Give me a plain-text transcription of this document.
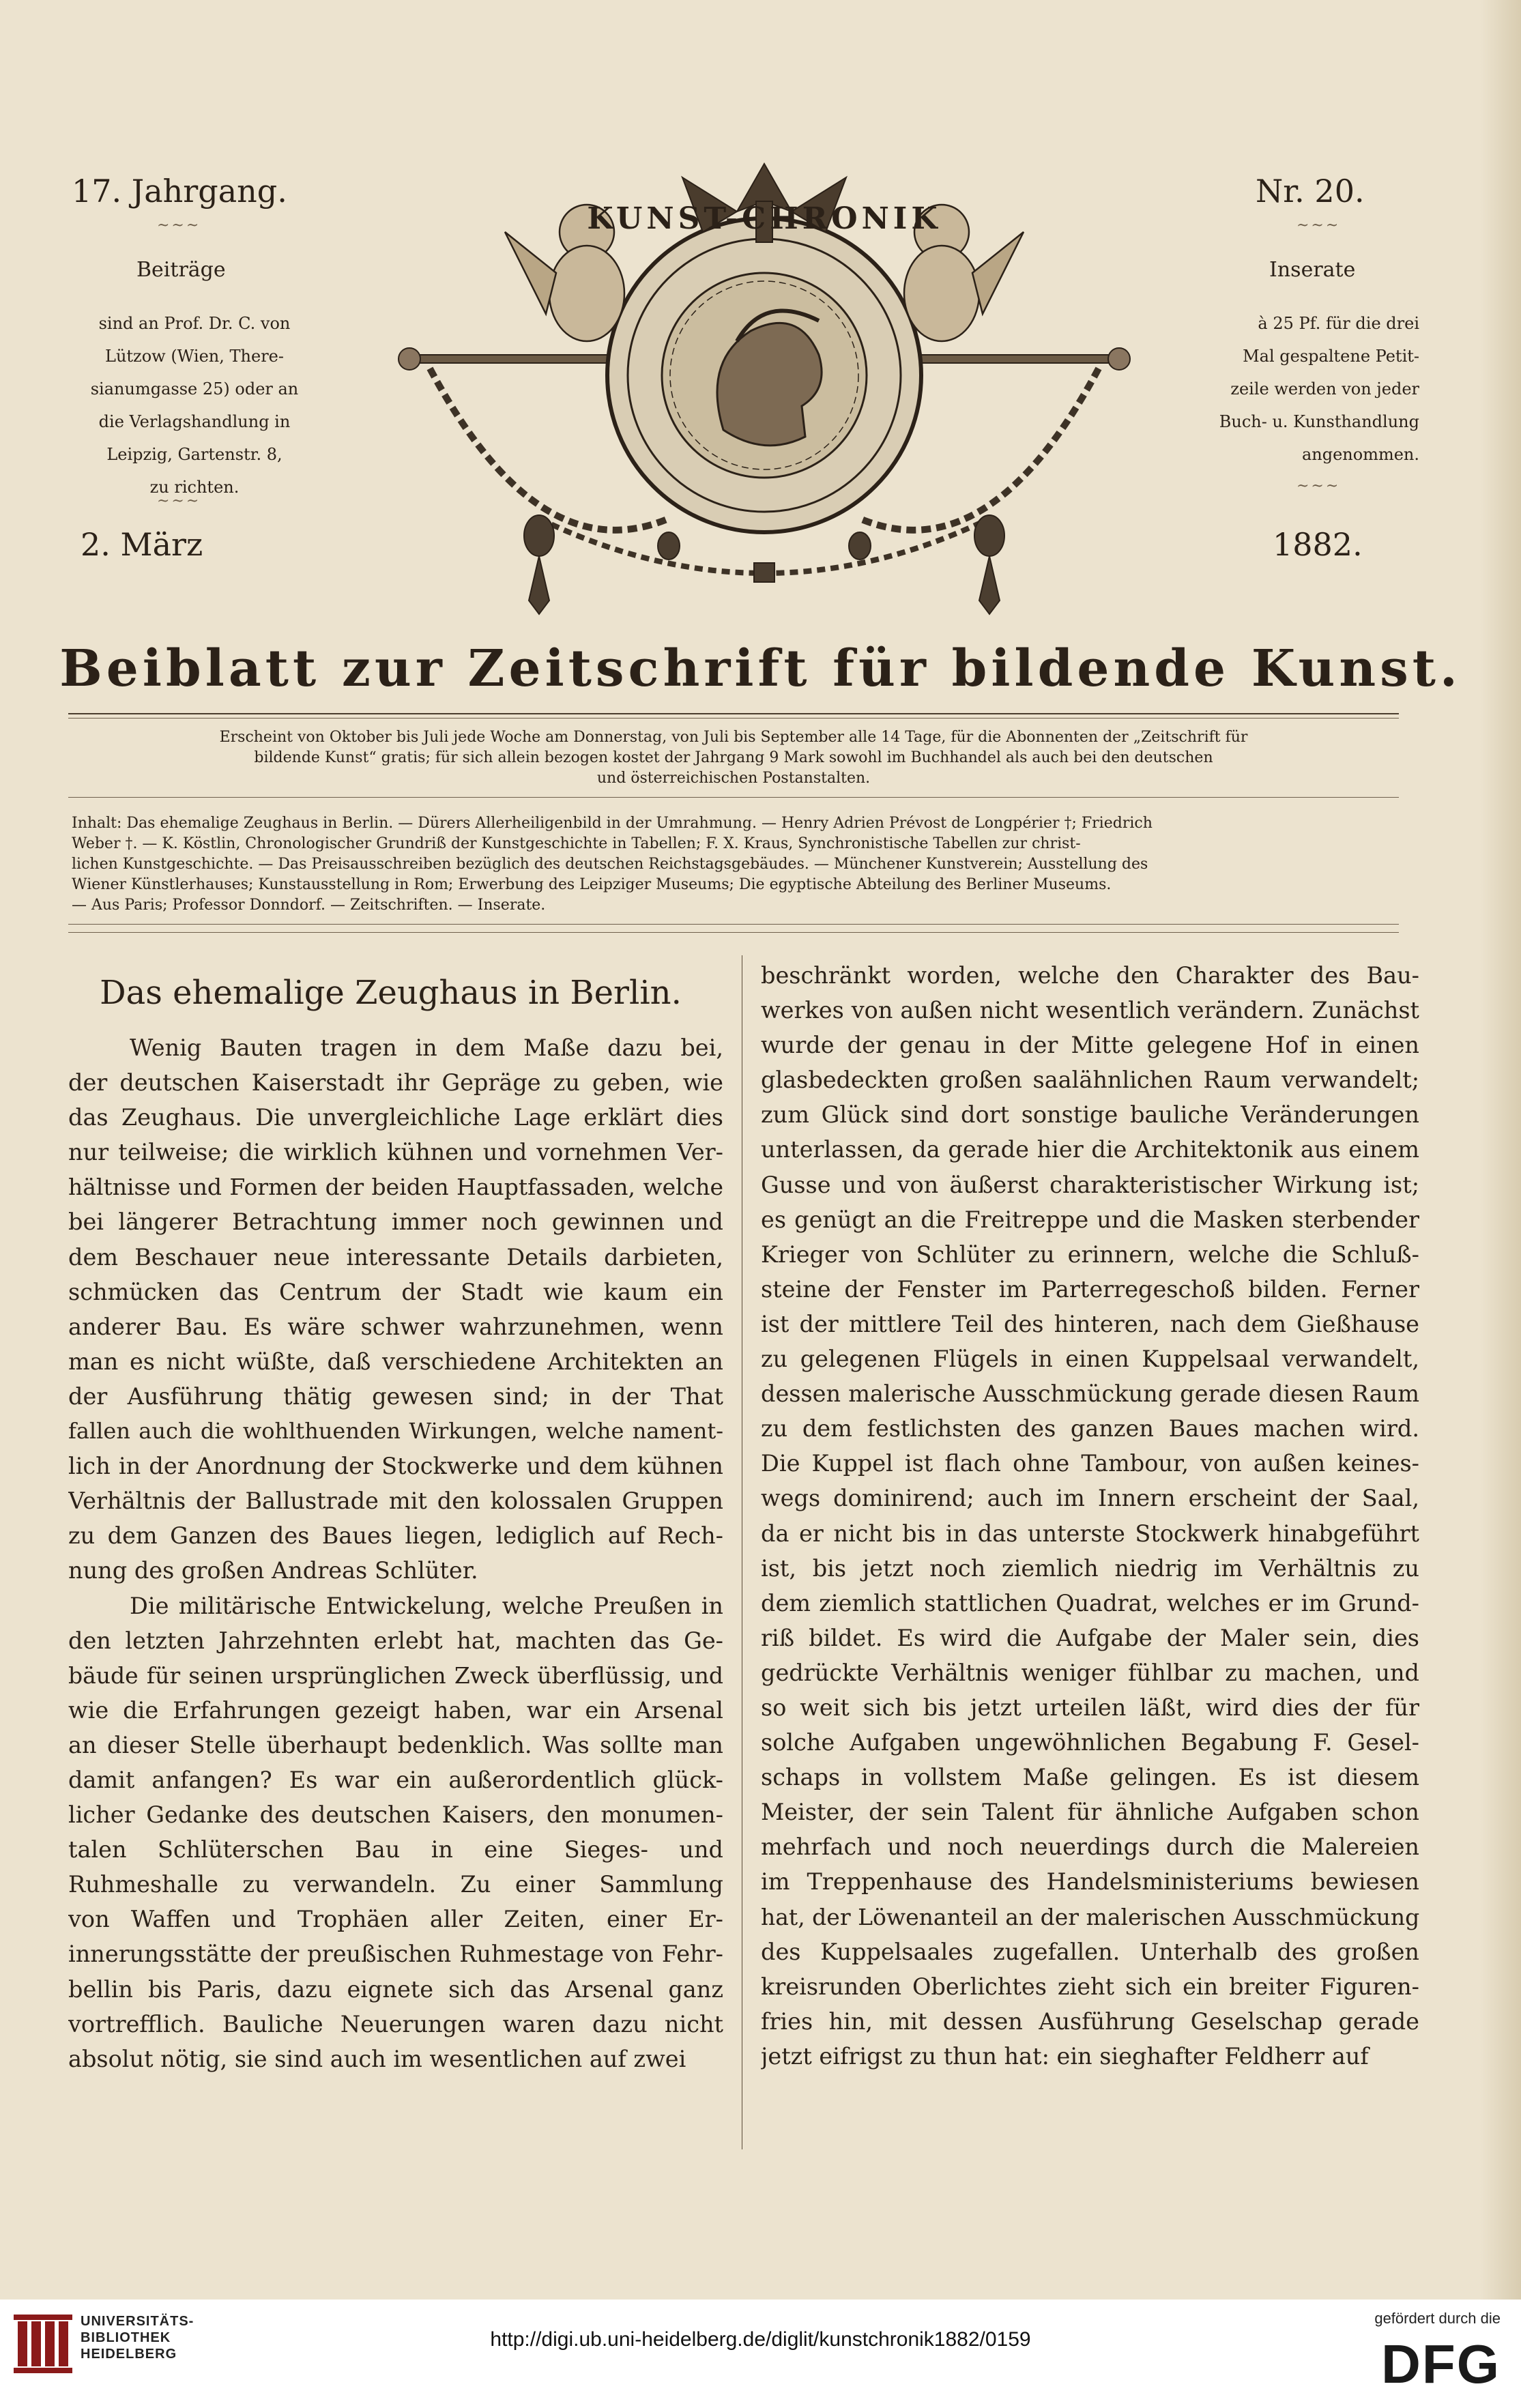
17. Jahrgang.
~~~
Beiträge
sind an Prof. Dr. C. von
Lützow (Wien, There-
sianumgasse 25) oder an
die Verlagshandlung in
Leipzig, Gartenstr. 8,
zu richten.
~~~
2. März
Nr. 20.
~~~
Inserate
à 25 Pf. für die drei
Mal gespaltene Petit-
zeile werden von jeder
Buch- u. Kunsthandlung
angenommen.
~~~
1882.
KUNST-CHRONIK
Beiblatt zur Zeitschrift für bildende Kunst.
Erscheint von Oktober bis Juli jede Woche am Donnerstag, von Juli bis September alle 14 Tage, für die Abonnenten der „Zeitschrift für
bildende Kunst“ gratis; für sich allein bezogen kostet der Jahrgang 9 Mark sowohl im Buchhandel als auch bei den deutschen
und österreichischen Postanstalten.
Inhalt: Das ehemalige Zeughaus in Berlin. — Dürers Allerheiligenbild in der Umrahmung. — Henry Adrien Prévost de Longpérier †; Friedrich
Weber †. — K. Köstlin, Chronologischer Grundriß der Kunstgeschichte in Tabellen; F. X. Kraus, Synchronistische Tabellen zur christ-
lichen Kunstgeschichte. — Das Preisausschreiben bezüglich des deutschen Reichstagsgebäudes. — Münchener Kunstverein; Ausstellung des
Wiener Künstlerhauses; Kunstausstellung in Rom; Erwerbung des Leipziger Museums; Die egyptische Abteilung des Berliner Museums.
— Aus Paris; Professor Donndorf. — Zeitschriften. — Inserate.
Das ehemalige Zeughaus in Berlin.
Wenig Bauten tragen in dem Maße dazu bei,
der deutschen Kaiserstadt ihr Gepräge zu geben, wie
das Zeughaus. Die unvergleichliche Lage erklärt dies
nur teilweise; die wirklich kühnen und vornehmen Ver-
hältnisse und Formen der beiden Hauptfassaden, welche
bei längerer Betrachtung immer noch gewinnen und
dem Beschauer neue interessante Details darbieten,
schmücken das Centrum der Stadt wie kaum ein
anderer Bau. Es wäre schwer wahrzunehmen, wenn
man es nicht wüßte, daß verschiedene Architekten an
der Ausführung thätig gewesen sind; in der That
fallen auch die wohlthuenden Wirkungen, welche nament-
lich in der Anordnung der Stockwerke und dem kühnen
Verhältnis der Ballustrade mit den kolossalen Gruppen
zu dem Ganzen des Baues liegen, lediglich auf Rech-
nung des großen Andreas Schlüter.
Die militärische Entwickelung, welche Preußen in
den letzten Jahrzehnten erlebt hat, machten das Ge-
bäude für seinen ursprünglichen Zweck überflüssig, und
wie die Erfahrungen gezeigt haben, war ein Arsenal
an dieser Stelle überhaupt bedenklich. Was sollte man
damit anfangen? Es war ein außerordentlich glück-
licher Gedanke des deutschen Kaisers, den monumen-
talen Schlüterschen Bau in eine Sieges- und
Ruhmeshalle zu verwandeln. Zu einer Sammlung
von Waffen und Trophäen aller Zeiten, einer Er-
innerungsstätte der preußischen Ruhmestage von Fehr-
bellin bis Paris, dazu eignete sich das Arsenal ganz
vortrefflich. Bauliche Neuerungen waren dazu nicht
absolut nötig, sie sind auch im wesentlichen auf zwei
beschränkt worden, welche den Charakter des Bau-
werkes von außen nicht wesentlich verändern. Zunächst
wurde der genau in der Mitte gelegene Hof in einen
glasbedeckten großen saalähnlichen Raum verwandelt;
zum Glück sind dort sonstige bauliche Veränderungen
unterlassen, da gerade hier die Architektonik aus einem
Gusse und von äußerst charakteristischer Wirkung ist;
es genügt an die Freitreppe und die Masken sterbender
Krieger von Schlüter zu erinnern, welche die Schluß-
steine der Fenster im Parterregeschoß bilden. Ferner
ist der mittlere Teil des hinteren, nach dem Gießhause
zu gelegenen Flügels in einen Kuppelsaal verwandelt,
dessen malerische Ausschmückung gerade diesen Raum
zu dem festlichsten des ganzen Baues machen wird.
Die Kuppel ist flach ohne Tambour, von außen keines-
wegs dominirend; auch im Innern erscheint der Saal,
da er nicht bis in das unterste Stockwerk hinabgeführt
ist, bis jetzt noch ziemlich niedrig im Verhältnis zu
dem ziemlich stattlichen Quadrat, welches er im Grund-
riß bildet. Es wird die Aufgabe der Maler sein, dies
gedrückte Verhältnis weniger fühlbar zu machen, und
so weit sich bis jetzt urteilen läßt, wird dies der für
solche Aufgaben ungewöhnlichen Begabung F. Gesel-
schaps in vollstem Maße gelingen. Es ist diesem
Meister, der sein Talent für ähnliche Aufgaben schon
mehrfach und noch neuerdings durch die Malereien
im Treppenhause des Handelsministeriums bewiesen
hat, der Löwenanteil an der malerischen Ausschmückung
des Kuppelsaales zugefallen. Unterhalb des großen
kreisrunden Oberlichtes zieht sich ein breiter Figuren-
fries hin, mit dessen Ausführung Geselschap gerade
jetzt eifrigst zu thun hat: ein sieghafter Feldherr auf
UNIVERSITÄTS-
BIBLIOTHEK
HEIDELBERG
http://digi.ub.uni-heidelberg.de/diglit/kunstchronik1882/0159
gefördert durch die
DFG
